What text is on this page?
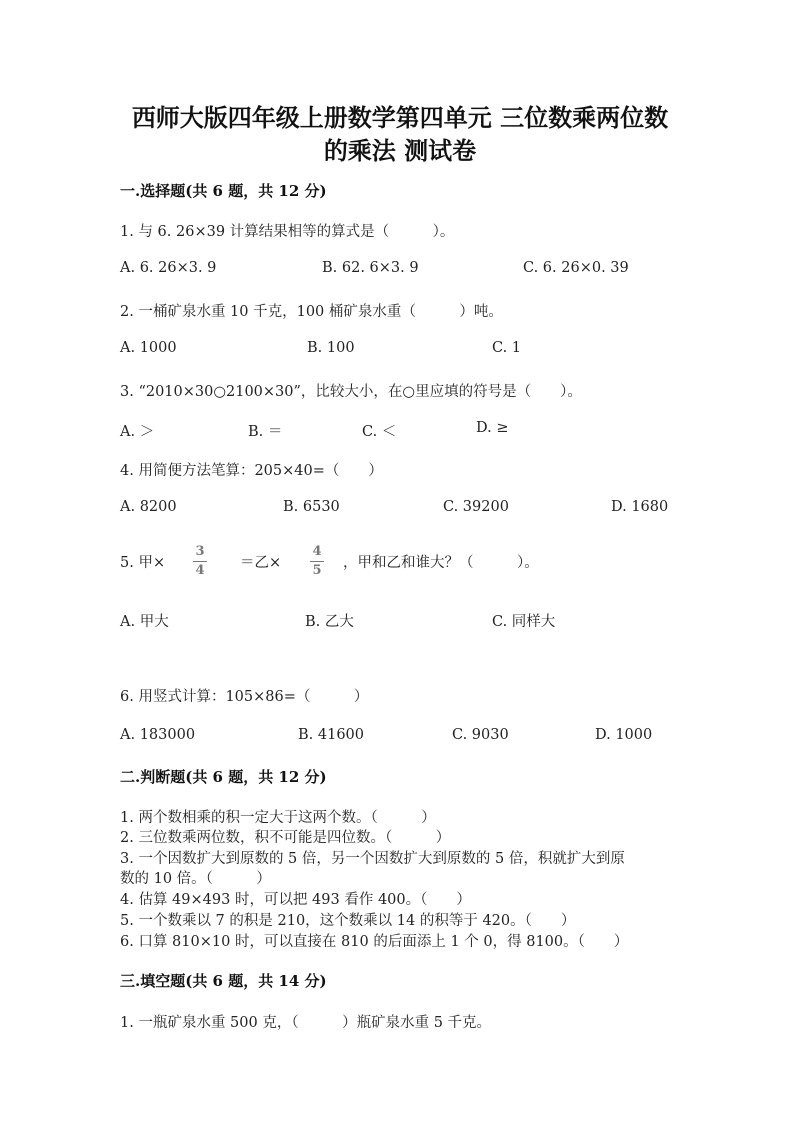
西师大版四年级上册数学第四单元 三位数乘两位数
的乘法 测试卷
一.选择题(共 6 题，共 12 分)
1. 与 6. 26×39 计算结果相等的算式是（　　　）。
A. 6. 26×3. 9	B. 62. 6×3. 9	C. 6. 26×0. 39
2. 一桶矿泉水重 10 千克，100 桶矿泉水重（　　　）吨。
A. 1000	B. 100	C. 1
3. “2010×30○2100×30”，比较大小，在○里应填的符号是（　　）。
A. ＞	B. ＝	C. ＜	D. ≥
4. 用简便方法笔算：205×40=（　　）
A. 8200	B. 6530	C. 39200	D. 1680
5. 甲×
3
4	＝乙×
4
5	，甲和乙和谁大？（　　　）。
A. 甲大	B. 乙大	C. 同样大
6. 用竖式计算：105×86=（　　　）
A. 183000	B. 41600	C. 9030	D. 1000
二.判断题(共 6 题，共 12 分)
1. 两个数相乘的积一定大于这两个数。（　　　）
2. 三位数乘两位数，积不可能是四位数。（　　　）
3. 一个因数扩大到原数的 5 倍，另一个因数扩大到原数的 5 倍，积就扩大到原
数的 10 倍。（　　　）
4. 估算 49×493 时，可以把 493 看作 400。（　　）
5. 一个数乘以 7 的积是 210，这个数乘以 14 的积等于 420。（　　）
6. 口算 810×10 时，可以直接在 810 的后面添上 1 个 0，得 8100。（　　）
三.填空题(共 6 题，共 14 分)
1. 一瓶矿泉水重 500 克，（　　　）瓶矿泉水重 5 千克。
